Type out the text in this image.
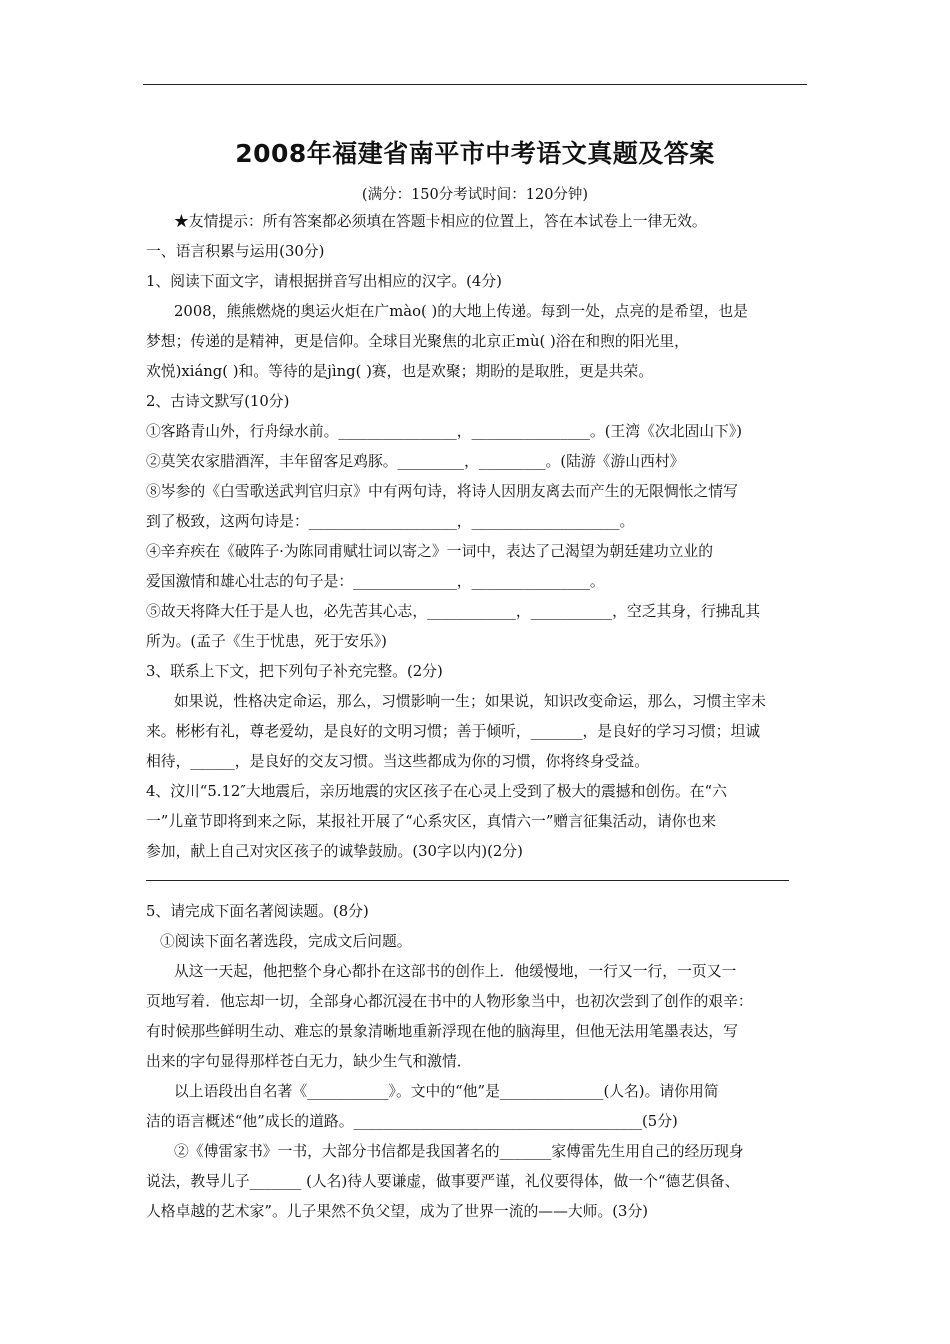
2008年福建省南平市中考语文真题及答案
(满分：150分考试时间：120分钟)
★友情提示：所有答案都必须填在答题卡相应的位置上，答在本试卷上一律无效。
一、语言积累与运用(30分)
1、阅读下面文字，请根据拼音写出相应的汉字。(4分)
2008，熊熊燃烧的奥运火炬在广mào( )的大地上传递。每到一处，点亮的是希望，也是
梦想；传递的是精神，更是信仰。全球目光聚焦的北京正mù( )浴在和煦的阳光里，
欢悦)xiáng( )和。等待的是jìng( )赛，也是欢聚；期盼的是取胜，更是共荣。
2、古诗文默写(10分)
①客路青山外，行舟绿水前。________________，________________。(王湾《次北固山下》)
②莫笑农家腊酒浑，丰年留客足鸡豚。_________，_________。(陆游《游山西村》
⑧岑参的《白雪歌送武判官归京》中有两句诗，将诗人因朋友离去而产生的无限惆怅之情写
到了极致，这两句诗是：____________________，____________________。
④辛弃疾在《破阵子·为陈同甫赋壮词以寄之》一词中，表达了己渴望为朝廷建功立业的
爱国激情和雄心壮志的句子是：______________，________________。
⑤故天将降大任于是人也，必先苦其心志，____________，___________，空乏其身，行拂乱其
所为。(孟子《生于忧患，死于安乐》)
3、联系上下文，把下列句子补充完整。(2分)
如果说，性格决定命运，那么，习惯影响一生；如果说，知识改变命运，那么，习惯主宰未
来。彬彬有礼，尊老爱幼，是良好的文明习惯；善于倾听，_______，是良好的学习习惯；坦诚
相待，______，是良好的交友习惯。当这些都成为你的习惯，你将终身受益。
4、汶川“5.12″大地震后，亲历地震的灾区孩子在心灵上受到了极大的震撼和创伤。在“六
一”儿童节即将到来之际，某报社开展了“心系灾区，真情六一”赠言征集活动，请你也来
参加，献上自己对灾区孩子的诚挚鼓励。(30字以内)(2分)
5、请完成下面名著阅读题。(8分)
①阅读下面名著选段，完成文后问题。
从这一天起，他把整个身心都扑在这部书的创作上．他缓慢地，一行又一行，一页又一
页地写着．他忘却一切，全部身心都沉浸在书中的人物形象当中，也初次尝到了创作的艰辛：
有时候那些鲜明生动、难忘的景象清晰地重新浮现在他的脑海里，但他无法用笔墨表达，写
出来的字句显得那样苍白无力，缺少生气和激情．
以上语段出自名著《___________》。文中的“他”是______________(人名)。请你用简
洁的语言概述“他”成长的道路。_______________________________________(5分)
②《傅雷家书》一书，大部分书信都是我国著名的_______家傅雷先生用自己的经历现身
说法，教导儿子_______ (人名)待人要谦虚，做事要严谨，礼仪要得体，做一个“德艺俱备、
人格卓越的艺术家”。儿子果然不负父望，成为了世界一流的——大师。(3分)
